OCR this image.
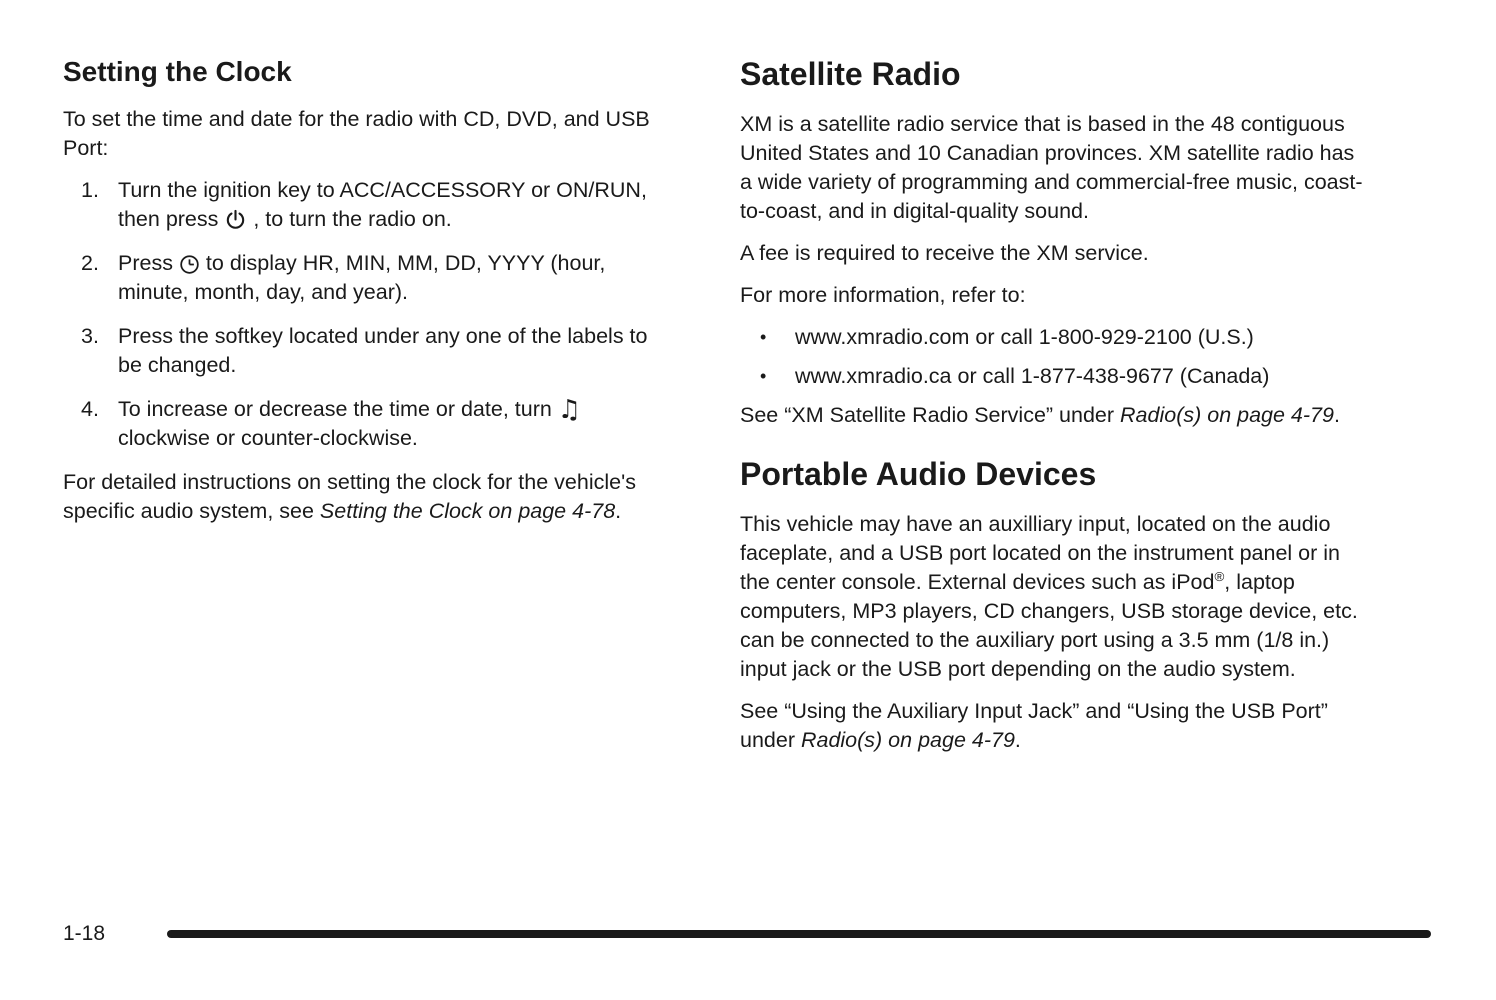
Setting the Clock

To set the time and date for the radio with CD, DVD, and USB Port:

1. Turn the ignition key to ACC/ACCESSORY or ON/RUN, then press  , to turn the radio on.
2. Press  to display HR, MIN, MM, DD, YYYY (hour, minute, month, day, and year).
3. Press the softkey located under any one of the labels to be changed.
4. To increase or decrease the time or date, turn ♫ clockwise or counter-clockwise.

For detailed instructions on setting the clock for the vehicle's specific audio system, see Setting the Clock on page 4-78.

Satellite Radio

XM is a satellite radio service that is based in the 48 contiguous United States and 10 Canadian provinces. XM satellite radio has a wide variety of programming and commercial-free music, coast-to-coast, and in digital-quality sound.

A fee is required to receive the XM service.

For more information, refer to:

•	www.xmradio.com or call 1-800-929-2100 (U.S.)
•	www.xmradio.ca or call 1-877-438-9677 (Canada)

See “XM Satellite Radio Service” under Radio(s) on page 4-79.

Portable Audio Devices

This vehicle may have an auxilliary input, located on the audio faceplate, and a USB port located on the instrument panel or in the center console. External devices such as iPod®, laptop computers, MP3 players, CD changers, USB storage device, etc. can be connected to the auxiliary port using a 3.5 mm (1/8 in.) input jack or the USB port depending on the audio system.

See “Using the Auxiliary Input Jack” and “Using the USB Port” under Radio(s) on page 4-79.

1-18
